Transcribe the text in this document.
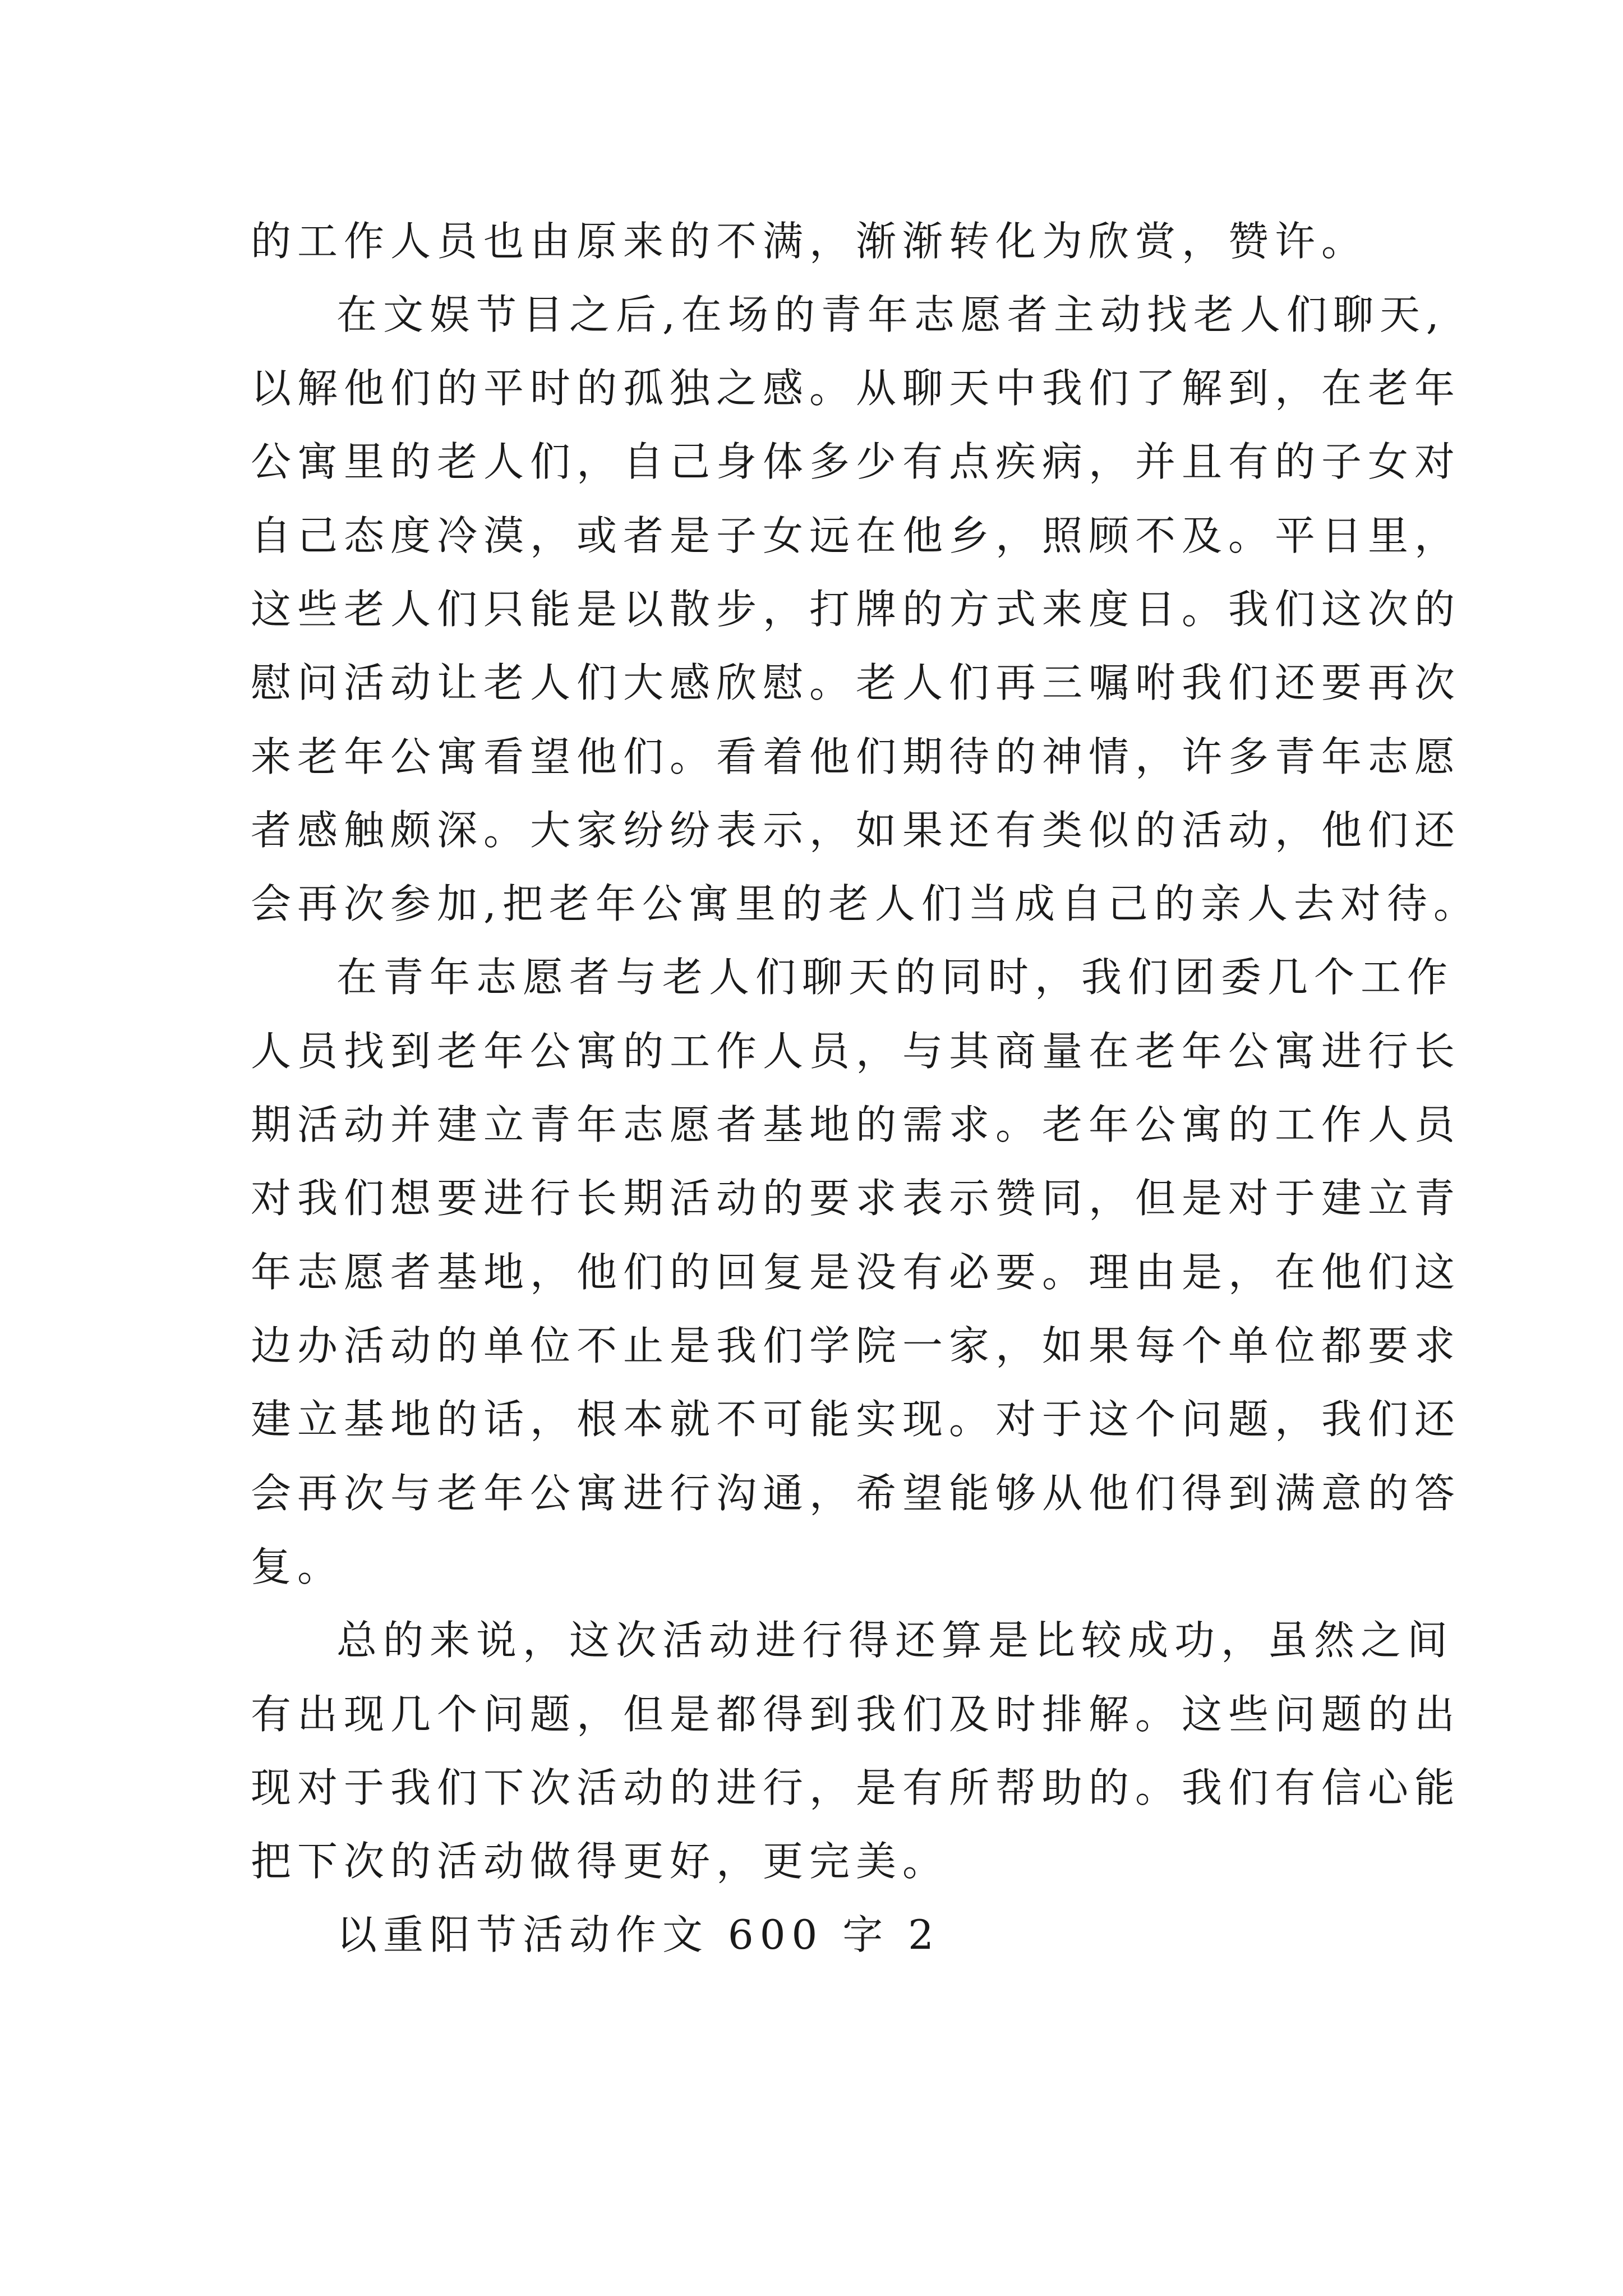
的工作人员也由原来的不满，渐渐转化为欣赏，赞许。

在文娱节目之后,在场的青年志愿者主动找老人们聊天,

以解他们的平时的孤独之感。从聊天中我们了解到，在老年

公寓里的老人们，自己身体多少有点疾病，并且有的子女对

自己态度冷漠，或者是子女远在他乡，照顾不及。平日里，

这些老人们只能是以散步，打牌的方式来度日。我们这次的

慰问活动让老人们大感欣慰。老人们再三嘱咐我们还要再次

来老年公寓看望他们。看着他们期待的神情，许多青年志愿

者感触颇深。大家纷纷表示，如果还有类似的活动，他们还

会再次参加,把老年公寓里的老人们当成自己的亲人去对待。

在青年志愿者与老人们聊天的同时，我们团委几个工作

人员找到老年公寓的工作人员，与其商量在老年公寓进行长

期活动并建立青年志愿者基地的需求。老年公寓的工作人员

对我们想要进行长期活动的要求表示赞同，但是对于建立青

年志愿者基地，他们的回复是没有必要。理由是，在他们这

边办活动的单位不止是我们学院一家，如果每个单位都要求

建立基地的话，根本就不可能实现。对于这个问题，我们还

会再次与老年公寓进行沟通，希望能够从他们得到满意的答

复。

总的来说，这次活动进行得还算是比较成功，虽然之间

有出现几个问题，但是都得到我们及时排解。这些问题的出

现对于我们下次活动的进行，是有所帮助的。我们有信心能

把下次的活动做得更好，更完美。

以重阳节活动作文 600 字 2
